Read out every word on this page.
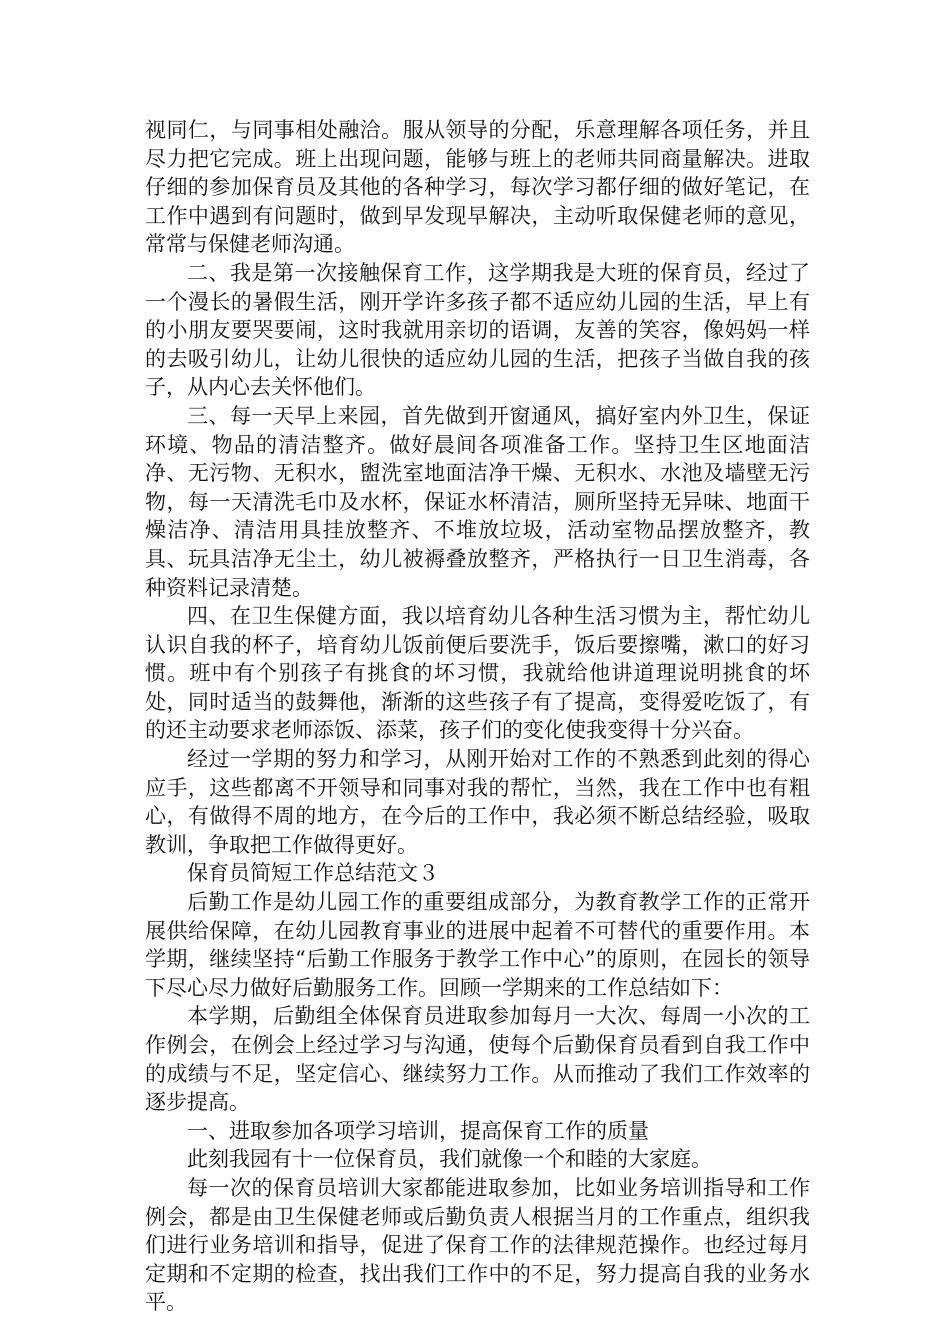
视同仁，与同事相处融洽。服从领导的分配，乐意理解各项任务，并且尽力把它完成。班上出现问题，能够与班上的老师共同商量解决。进取仔细的参加保育员及其他的各种学习，每次学习都仔细的做好笔记，在工作中遇到有问题时，做到早发现早解决，主动听取保健老师的意见，常常与保健老师沟通。

二、我是第一次接触保育工作，这学期我是大班的保育员，经过了一个漫长的暑假生活，刚开学许多孩子都不适应幼儿园的生活，早上有的小朋友要哭要闹，这时我就用亲切的语调，友善的笑容，像妈妈一样的去吸引幼儿，让幼儿很快的适应幼儿园的生活，把孩子当做自我的孩子，从内心去关怀他们。

三、每一天早上来园，首先做到开窗通风，搞好室内外卫生，保证环境、物品的清洁整齐。做好晨间各项准备工作。坚持卫生区地面洁净、无污物、无积水，盥洗室地面洁净干燥、无积水、水池及墙壁无污物，每一天清洗毛巾及水杯，保证水杯清洁，厕所坚持无异味、地面干燥洁净、清洁用具挂放整齐、不堆放垃圾，活动室物品摆放整齐，教具、玩具洁净无尘土，幼儿被褥叠放整齐，严格执行一日卫生消毒，各种资料记录清楚。

四、在卫生保健方面，我以培育幼儿各种生活习惯为主，帮忙幼儿认识自我的杯子，培育幼儿饭前便后要洗手，饭后要擦嘴，漱口的好习惯。班中有个别孩子有挑食的坏习惯，我就给他讲道理说明挑食的坏处，同时适当的鼓舞他，渐渐的这些孩子有了提高，变得爱吃饭了，有的还主动要求老师添饭、添菜，孩子们的变化使我变得十分兴奋。

经过一学期的努力和学习，从刚开始对工作的不熟悉到此刻的得心应手，这些都离不开领导和同事对我的帮忙，当然，我在工作中也有粗心，有做得不周的地方，在今后的工作中，我必须不断总结经验，吸取教训，争取把工作做得更好。

保育员简短工作总结范文３

后勤工作是幼儿园工作的重要组成部分，为教育教学工作的正常开展供给保障，在幼儿园教育事业的进展中起着不可替代的重要作用。本学期，继续坚持“后勤工作服务于教学工作中心”的原则，在园长的领导下尽心尽力做好后勤服务工作。回顾一学期来的工作总结如下：

本学期，后勤组全体保育员进取参加每月一大次、每周一小次的工作例会，在例会上经过学习与沟通，使每个后勤保育员看到自我工作中的成绩与不足，坚定信心、继续努力工作。从而推动了我们工作效率的逐步提高。

一、进取参加各项学习培训，提高保育工作的质量

此刻我园有十一位保育员，我们就像一个和睦的大家庭。

每一次的保育员培训大家都能进取参加，比如业务培训指导和工作例会，都是由卫生保健老师或后勤负责人根据当月的工作重点，组织我们进行业务培训和指导，促进了保育工作的法律规范操作。也经过每月定期和不定期的检查，找出我们工作中的不足，努力提高自我的业务水平。
